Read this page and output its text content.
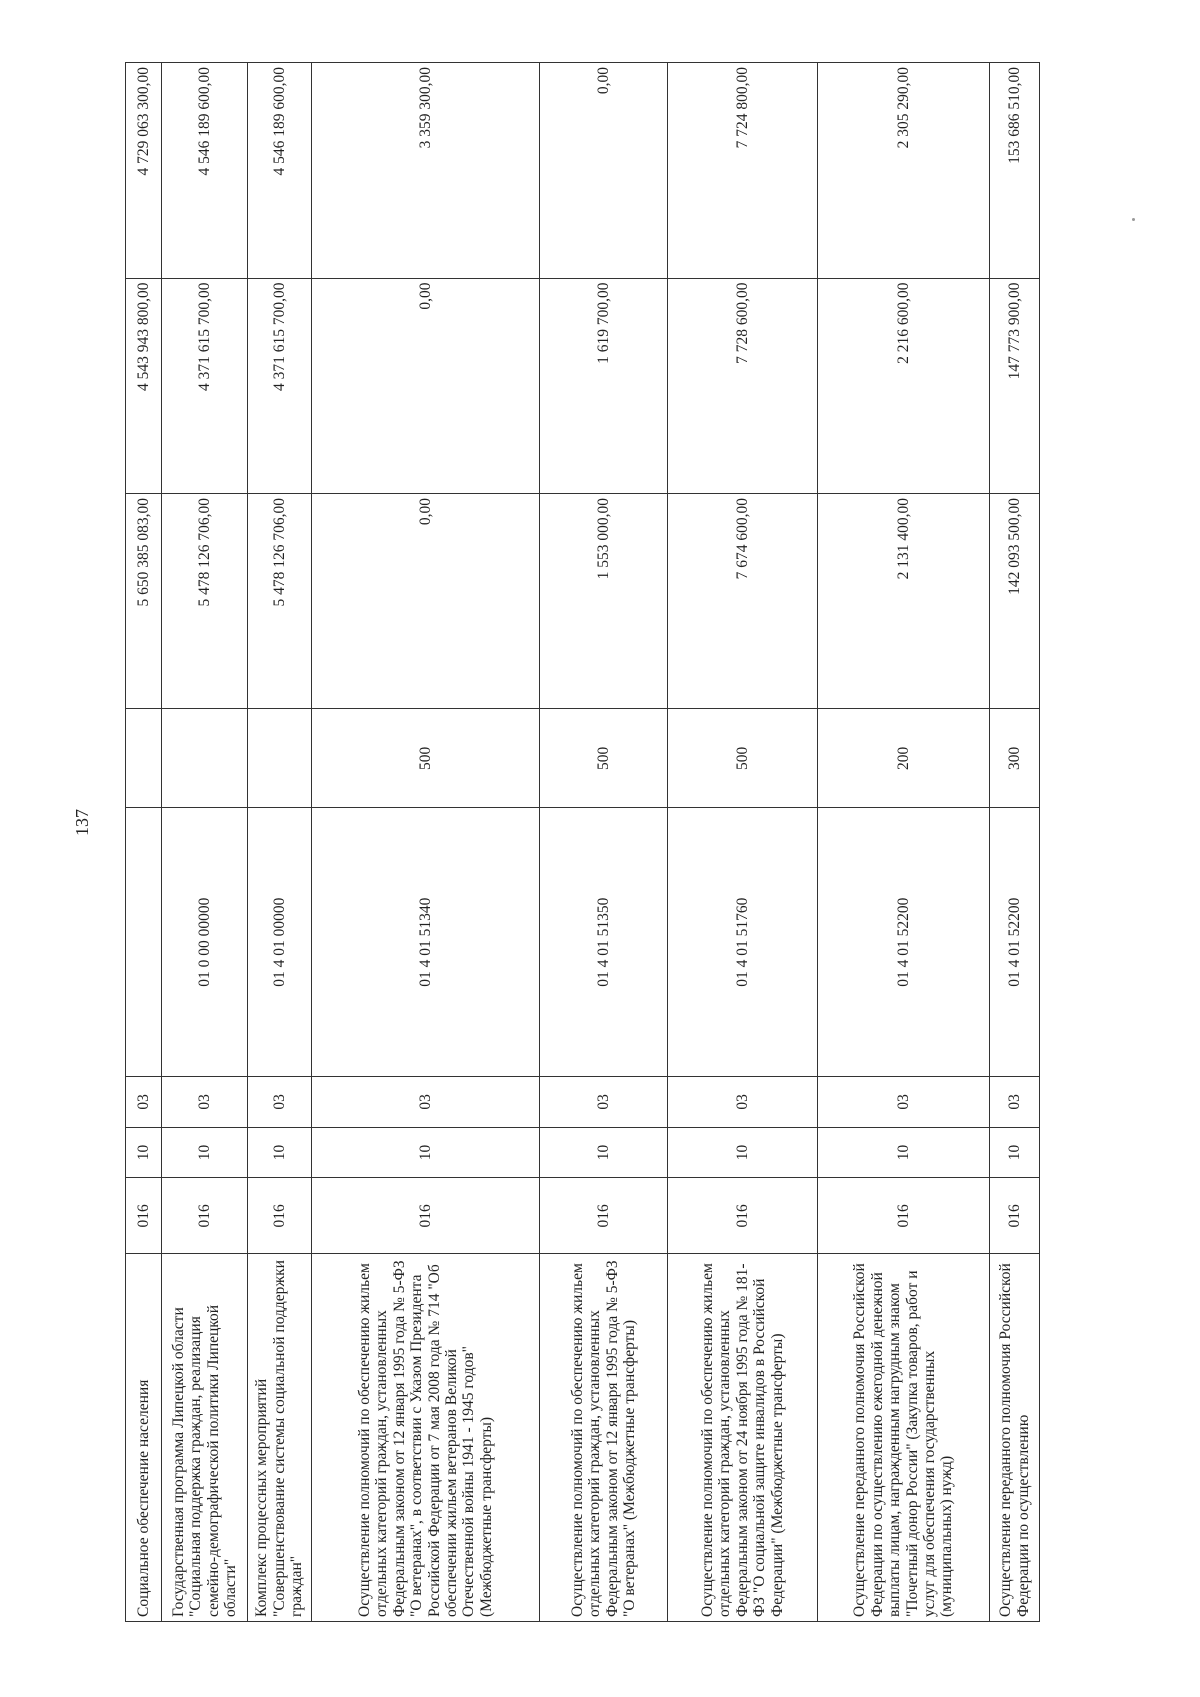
137
Социальное обеспечение населения	016	10	03			5 650 385 083,00	4 543 943 800,00	4 729 063 300,00
Государственная программа Липецкой области "Социальная поддержка граждан, реализация семейно-демографической политики Липецкой области"	016	10	03	01 0 00 00000		5 478 126 706,00	4 371 615 700,00	4 546 189 600,00
Комплекс процессных мероприятий "Совершенствование системы социальной поддержки граждан"	016	10	03	01 4 01 00000		5 478 126 706,00	4 371 615 700,00	4 546 189 600,00
Осуществление полномочий по обеспечению жильем отдельных категорий граждан, установленных Федеральным законом от 12 января 1995 года № 5-ФЗ "О ветеранах", в соответствии с Указом Президента Российской Федерации от 7 мая 2008 года № 714 "Об обеспечении жильем ветеранов Великой Отечественной войны 1941 - 1945 годов" (Межбюджетные трансферты)	016	10	03	01 4 01 51340	500	0,00	0,00	3 359 300,00
Осуществление полномочий по обеспечению жильем отдельных категорий граждан, установленных Федеральным законом от 12 января 1995 года № 5-ФЗ "О ветеранах" (Межбюджетные трансферты)	016	10	03	01 4 01 51350	500	1 553 000,00	1 619 700,00	0,00
Осуществление полномочий по обеспечению жильем отдельных категорий граждан, установленных Федеральным законом от 24 ноября 1995 года № 181-ФЗ "О социальной защите инвалидов в Российской Федерации" (Межбюджетные трансферты)	016	10	03	01 4 01 51760	500	7 674 600,00	7 728 600,00	7 724 800,00
Осуществление переданного полномочия Российской Федерации по осуществлению ежегодной денежной выплаты лицам, награжденным нагрудным знаком "Почетный донор России" (Закупка товаров, работ и услуг для обеспечения государственных (муниципальных) нужд)	016	10	03	01 4 01 52200	200	2 131 400,00	2 216 600,00	2 305 290,00
Осуществление переданного полномочия Российской Федерации по осуществлению	016	10	03	01 4 01 52200	300	142 093 500,00	147 773 900,00	153 686 510,00
